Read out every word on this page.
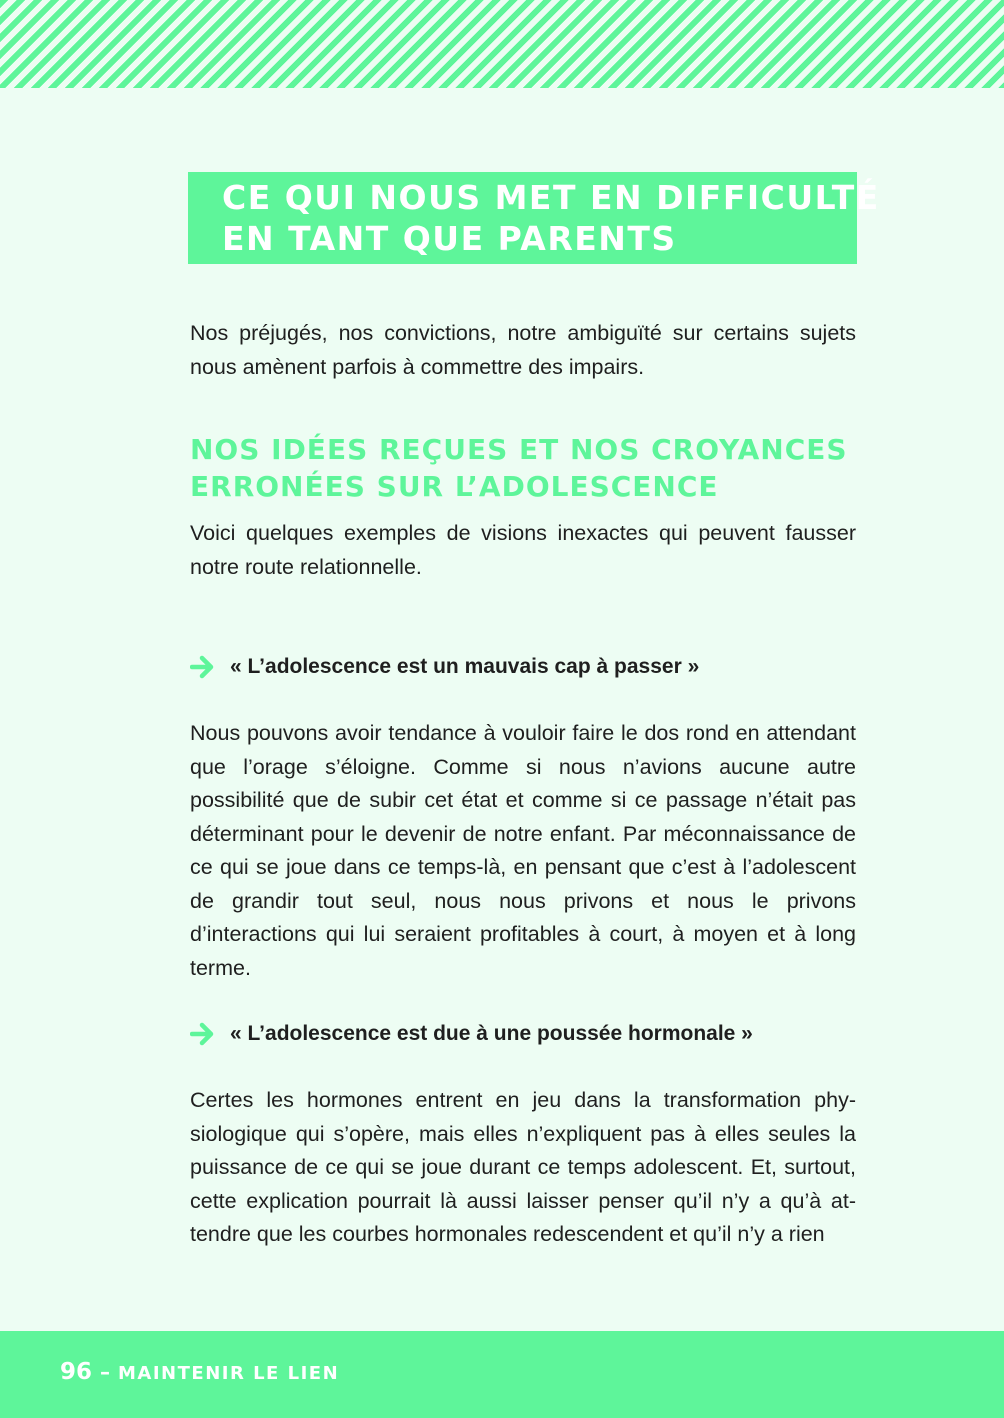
CE QUI NOUS MET EN DIFFICULTÉ
EN TANT QUE PARENTS

Nos préjugés, nos convictions, notre ambiguïté sur certains sujets nous amènent parfois à commettre des impairs.

NOS IDÉES REÇUES ET NOS CROYANCES
ERRONÉES SUR L’ADOLESCENCE

Voici quelques exemples de visions inexactes qui peuvent fausser notre route relationnelle.

« L’adolescence est un mauvais cap à passer »

Nous pouvons avoir tendance à vouloir faire le dos rond en attendant que l’orage s’éloigne. Comme si nous n’avions aucune autre possibilité que de subir cet état et comme si ce passage n’était pas déterminant pour le devenir de notre enfant. Par méconnaissance de ce qui se joue dans ce temps-là, en pensant que c’est à l’adolescent de grandir tout seul, nous nous privons et nous le privons d’interactions qui lui seraient profitables à court, à moyen et à long terme.

« L’adolescence est due à une poussée hormonale »

Certes les hormones entrent en jeu dans la transformation physiologique qui s’opère, mais elles n’expliquent pas à elles seules la puissance de ce qui se joue durant ce temps adolescent. Et, surtout, cette explication pourrait là aussi laisser penser qu’il n’y a qu’à attendre que les courbes hormonales redescendent et qu’il n’y a rien

96 – MAINTENIR LE LIEN
